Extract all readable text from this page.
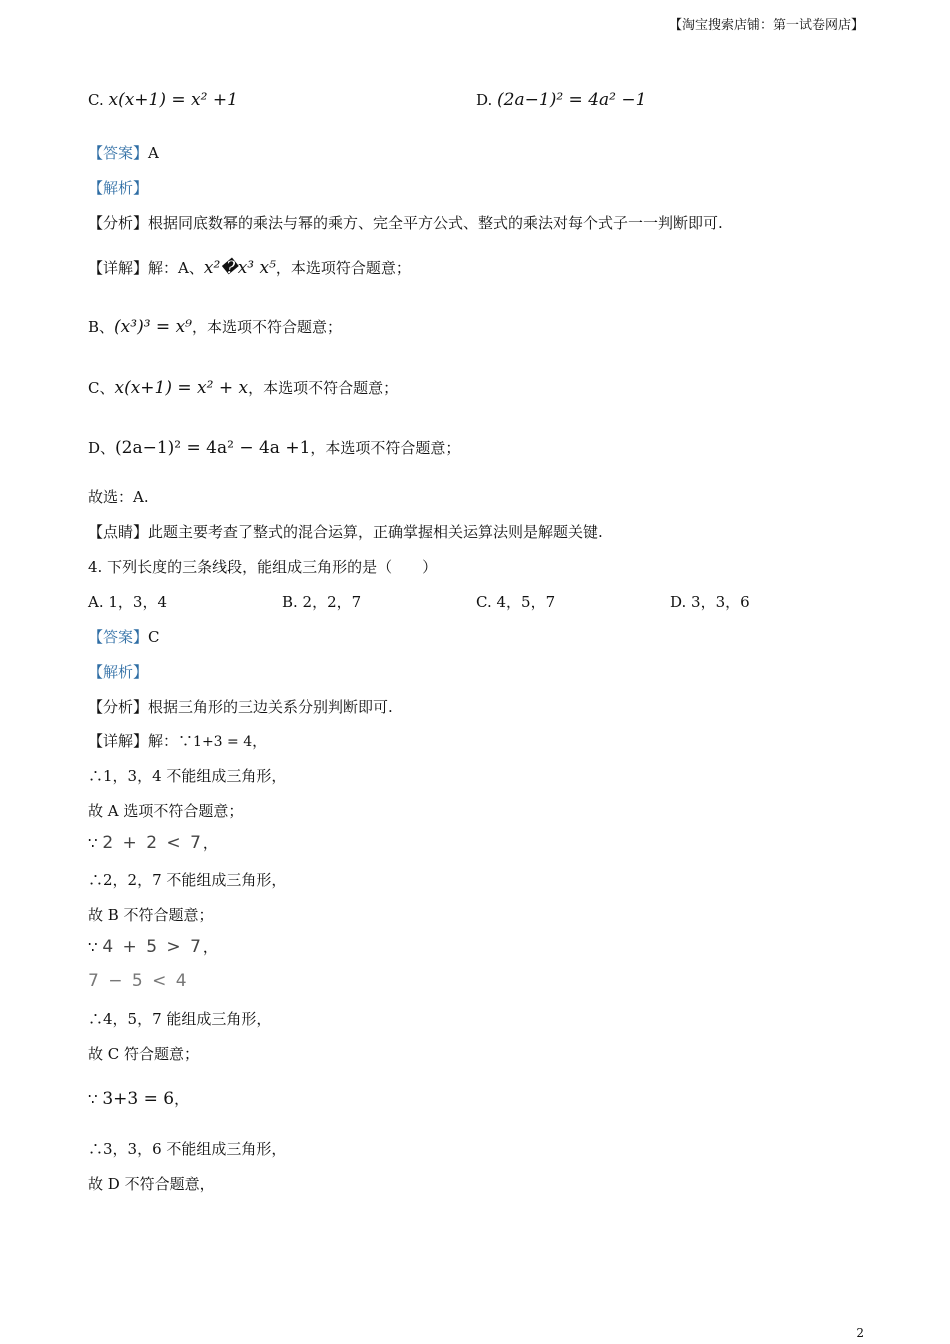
【淘宝搜索店铺：第一试卷网店】
C. x(x+1) = x² +1	D. (2a−1)² = 4a² −1
【答案】A
【解析】
【分析】根据同底数幂的乘法与幂的乘方、完全平方公式、整式的乘法对每个式子一一判断即可.
【详解】解：A、x²�x³ x⁵，本选项符合题意；
B、(x³)³ = x⁹，本选项不符合题意；
C、x(x+1) = x² + x，本选项不符合题意；
D、(2a−1)² = 4a² − 4a +1，本选项不符合题意；
故选：A.
【点睛】此题主要考查了整式的混合运算，正确掌握相关运算法则是解题关键.
4. 下列长度的三条线段，能组成三角形的是（　　）
A. 1，3，4	B. 2，2，7	C. 4，5，7	D. 3，3，6
【答案】C
【解析】
【分析】根据三角形的三边关系分别判断即可.
【详解】解：∵1+3 = 4，
∴1，3，4 不能组成三角形，
故 A 选项不符合题意；
∵ 2 + 2 < 7，
∴2，2，7 不能组成三角形，
故 B 不符合题意；
∵ 4 + 5 > 7，
7 − 5 < 4
∴4，5，7 能组成三角形，
故 C 符合题意；
∵ 3+3 = 6，
∴3，3，6 不能组成三角形，
故 D 不符合题意，
2
